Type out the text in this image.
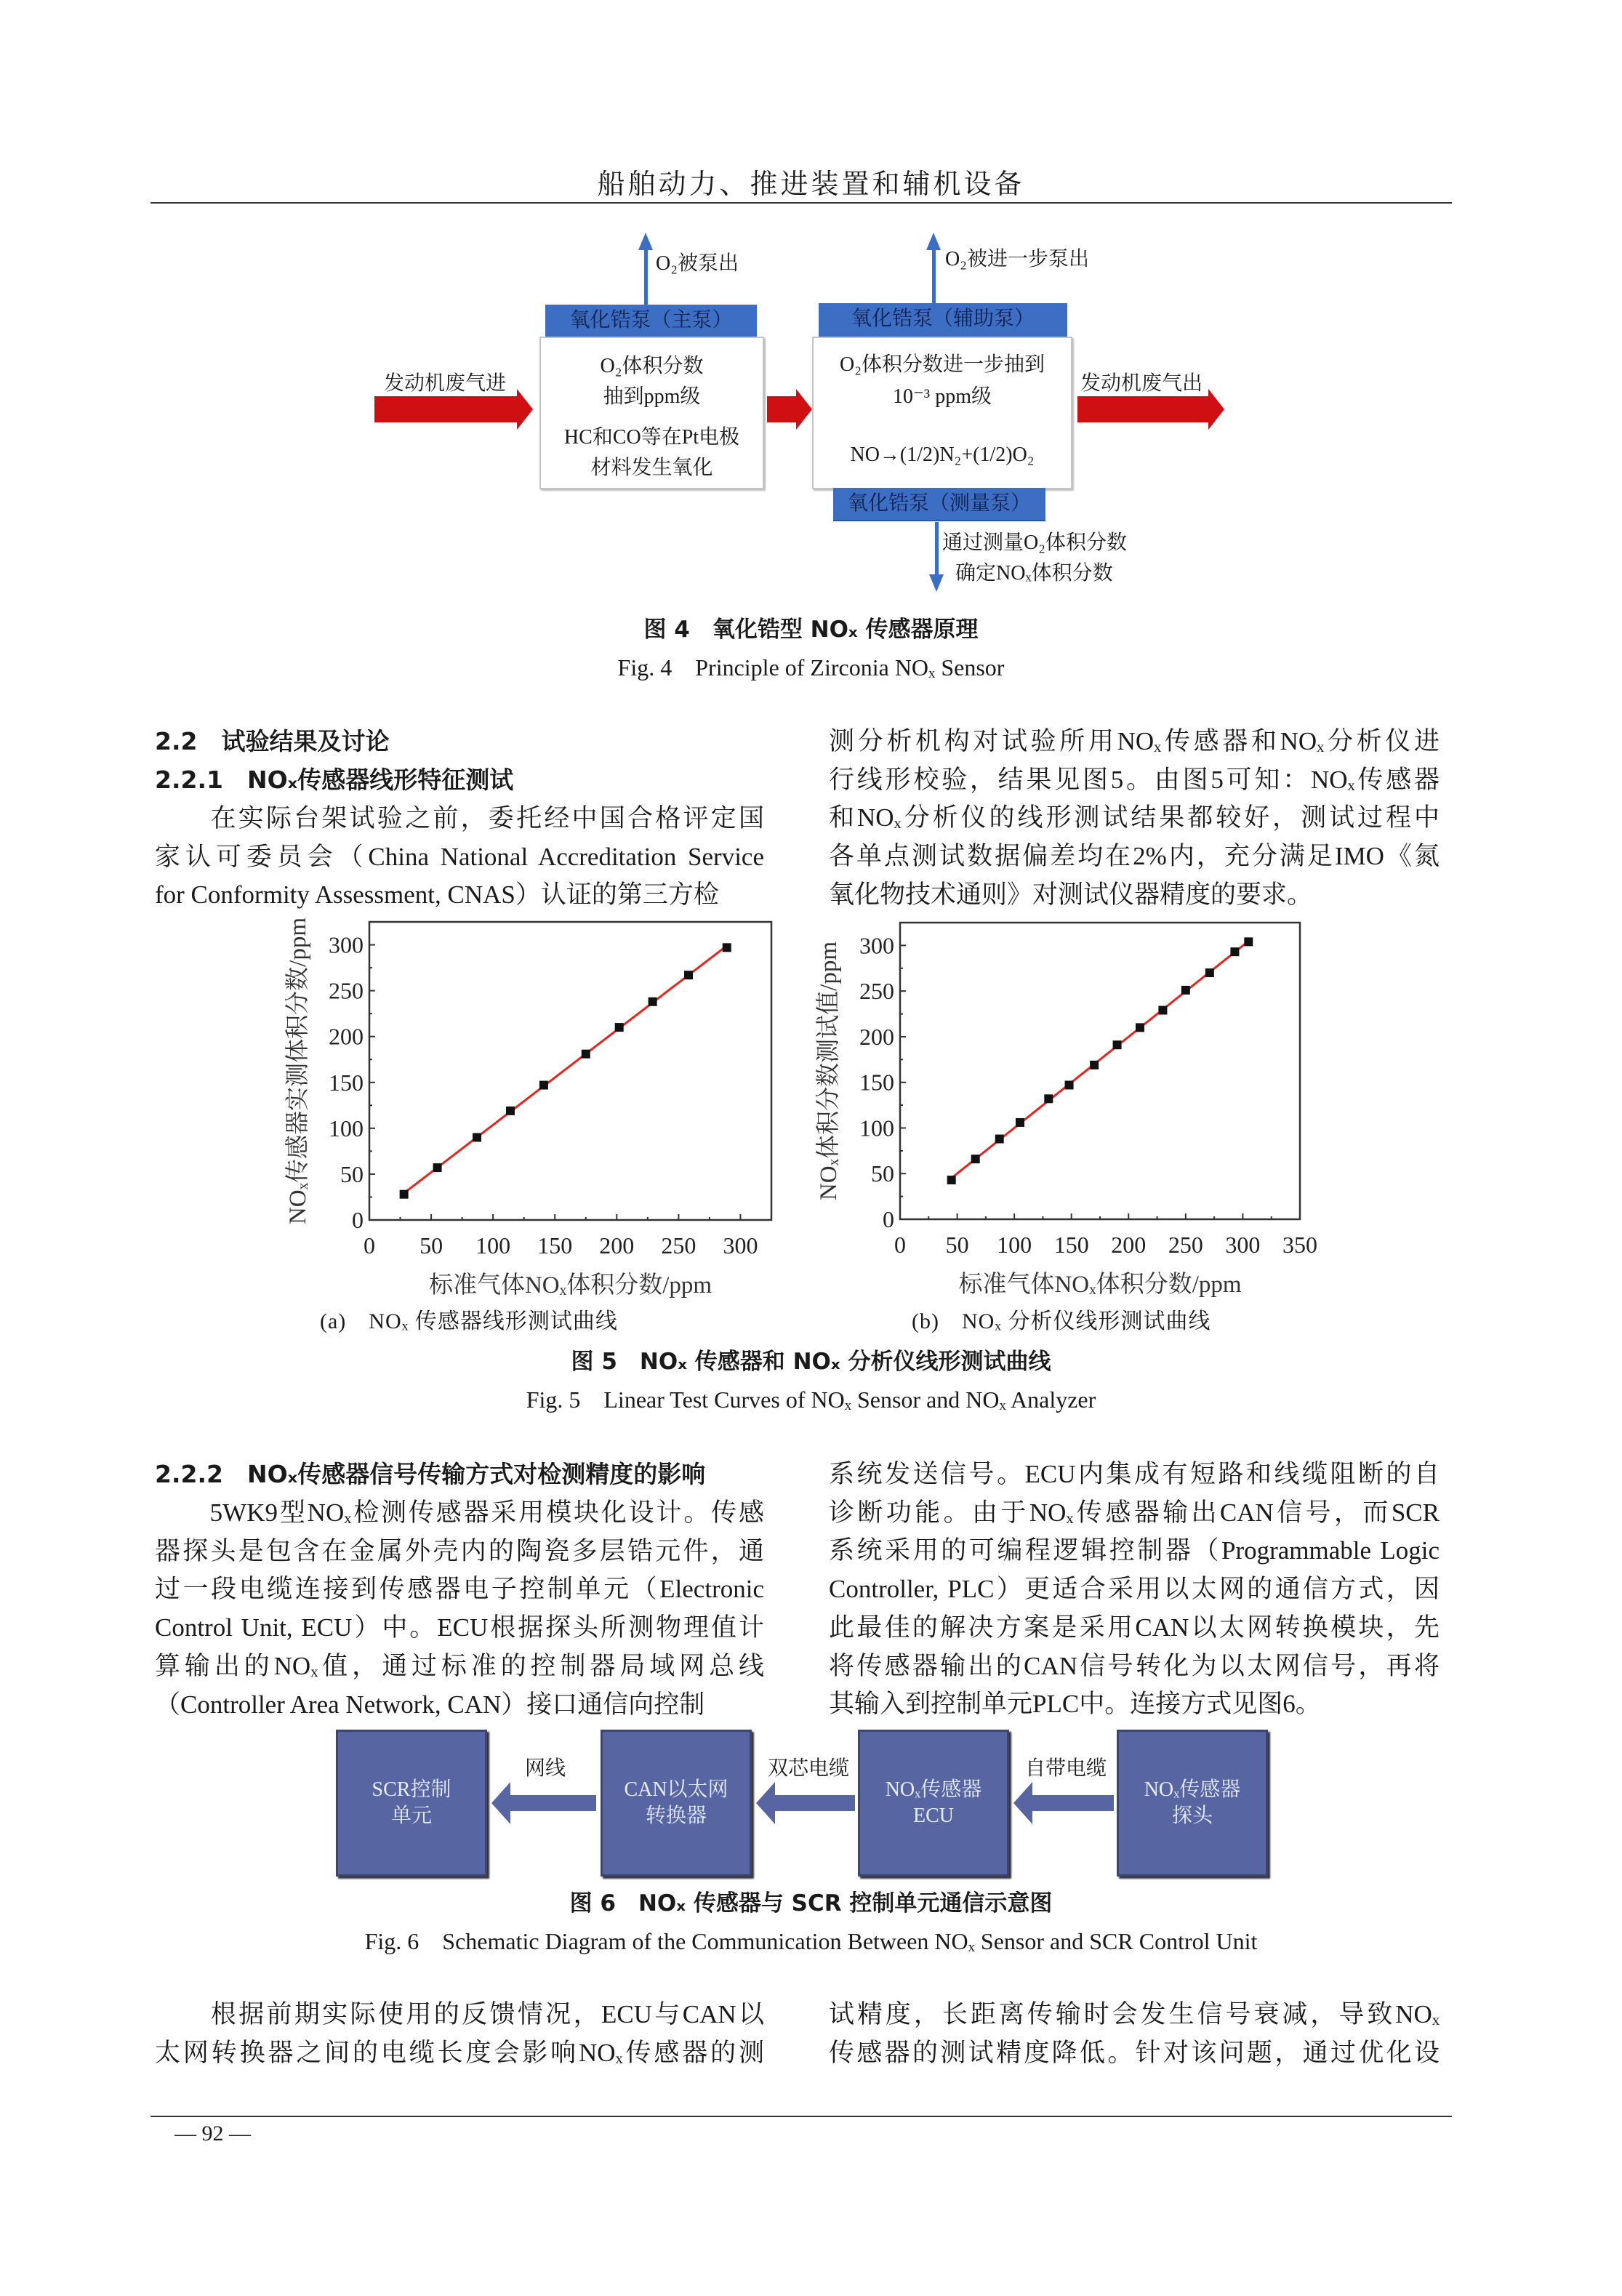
船舶动力、推进装置和辅机设备
O₂被泵出	O₂被进一步泵出
氧化锆泵（主泵）
O₂体积分数
抽到ppm级
HC和CO等在Pt电极
材料发生氧化
氧化锆泵（辅助泵）
O₂体积分数进一步抽到
10⁻³ ppm级
NO→(1/2)N₂+(1/2)O₂
氧化锆泵（测量泵）
通过测量O₂体积分数
确定NOₓ体积分数
发动机废气进	发动机废气出
图 4　氧化锆型 NOₓ 传感器原理
Fig. 4　Principle of Zirconia NOₓ Sensor
2.2　试验结果及讨论
2.2.1　NOₓ传感器线形特征测试
　　在实际台架试验之前，委托经中国合格评定国
家认可委员会（China National Accreditation Service
for Conformity Assessment, CNAS）认证的第三方检
测分析机构对试验所用NOₓ传感器和NOₓ分析仪进
行线形校验，结果见图5。由图5可知：NOₓ传感器
和NOₓ分析仪的线形测试结果都较好，测试过程中
各单点测试数据偏差均在2%内，充分满足IMO《氮
氧化物技术通则》对测试仪器精度的要求。
0 50 100 150 200 250 300
0
50
100
150
200
250
300
标准气体NOₓ体积分数/ppm
NOₓ传感器实测体积分数/ppm
0 50 100 150 200 250 300 350
0
50
100
150
200
250
300
标准气体NOₓ体积分数/ppm
NOₓ体积分数测试值/ppm
(a)　NOₓ 传感器线形测试曲线	(b)　NOₓ 分析仪线形测试曲线
图 5　NOₓ 传感器和 NOₓ 分析仪线形测试曲线
Fig. 5　Linear Test Curves of NOₓ Sensor and NOₓ Analyzer
2.2.2　NOₓ传感器信号传输方式对检测精度的影响
　　5WK9型NOₓ检测传感器采用模块化设计。传感
器探头是包含在金属外壳内的陶瓷多层锆元件，通
过一段电缆连接到传感器电子控制单元（Electronic
Control Unit, ECU）中。ECU根据探头所测物理值计
算输出的NOₓ值，通过标准的控制器局域网总线
（Controller Area Network, CAN）接口通信向控制
系统发送信号。ECU内集成有短路和线缆阻断的自
诊断功能。由于NOₓ传感器输出CAN信号，而SCR
系统采用的可编程逻辑控制器（Programmable Logic
Controller, PLC）更适合采用以太网的通信方式，因
此最佳的解决方案是采用CAN以太网转换模块，先
将传感器输出的CAN信号转化为以太网信号，再将
其输入到控制单元PLC中。连接方式见图6。
SCR控制
单元
CAN以太网
转换器
NOₓ传感器
ECU
NOₓ传感器
探头
网线	双芯电缆	自带电缆
图 6　NOₓ 传感器与 SCR 控制单元通信示意图
Fig. 6　Schematic Diagram of the Communication Between NOₓ Sensor and SCR Control Unit
　　根据前期实际使用的反馈情况，ECU与CAN以
太网转换器之间的电缆长度会影响NOₓ传感器的测
试精度，长距离传输时会发生信号衰减，导致NOₓ
传感器的测试精度降低。针对该问题，通过优化设
— 92 —
